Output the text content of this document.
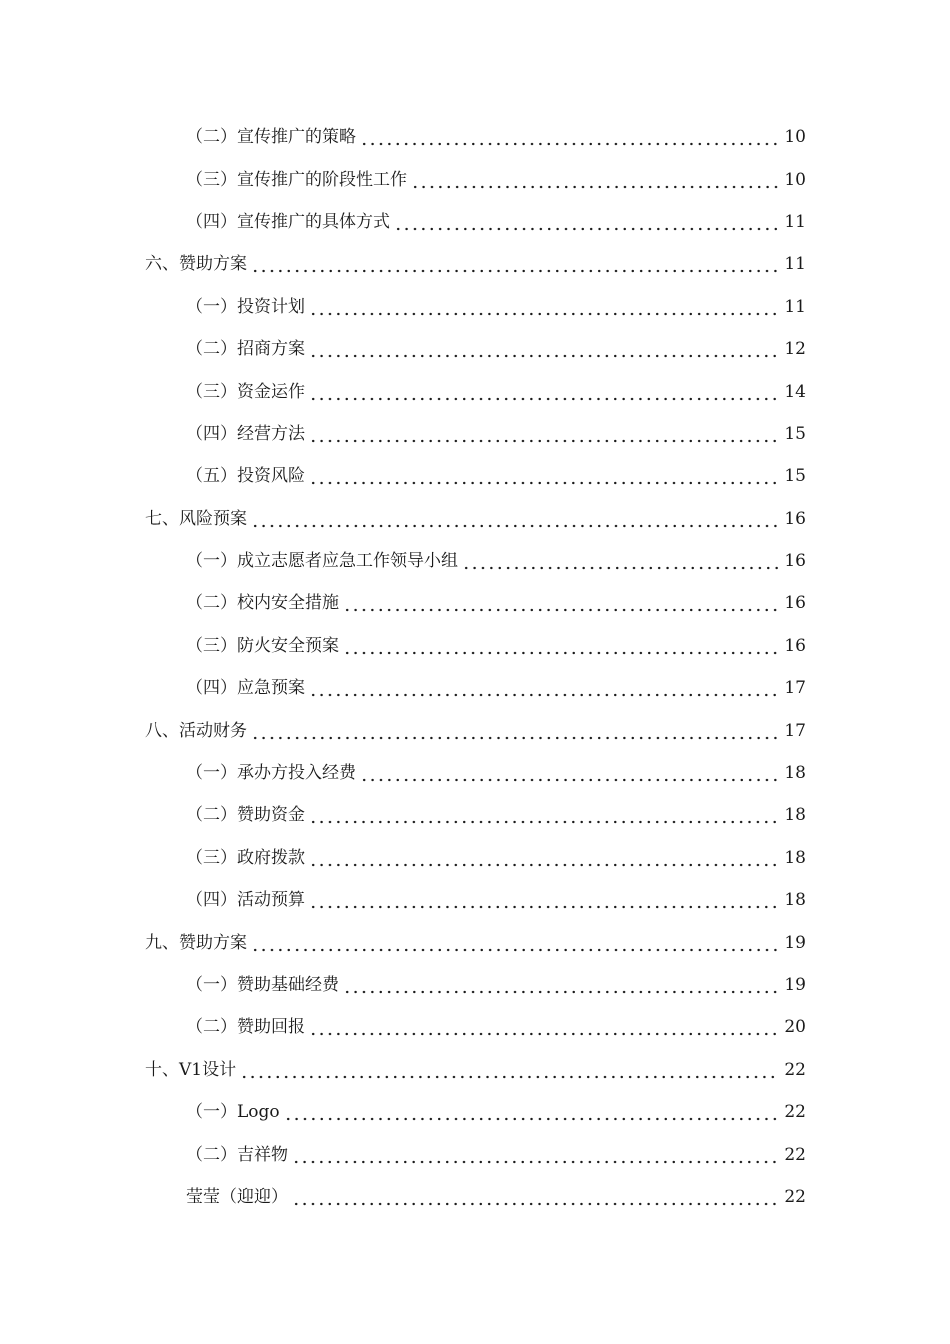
（二）宣传推广的策略	10
（三）宣传推广的阶段性工作	10
（四）宣传推广的具体方式	11
六、赞助方案	11
（一）投资计划	11
（二）招商方案	12
（三）资金运作	14
（四）经营方法	15
（五）投资风险	15
七、风险预案	16
（一）成立志愿者应急工作领导小组	16
（二）校内安全措施	16
（三）防火安全预案	16
（四）应急预案	17
八、活动财务	17
（一）承办方投入经费	18
（二）赞助资金	18
（三）政府拨款	18
（四）活动预算	18
九、赞助方案	19
（一）赞助基础经费	19
（二）赞助回报	20
十、V1设计	22
（一）Logo	22
（二）吉祥物	22
莹莹（迎迎）	22
